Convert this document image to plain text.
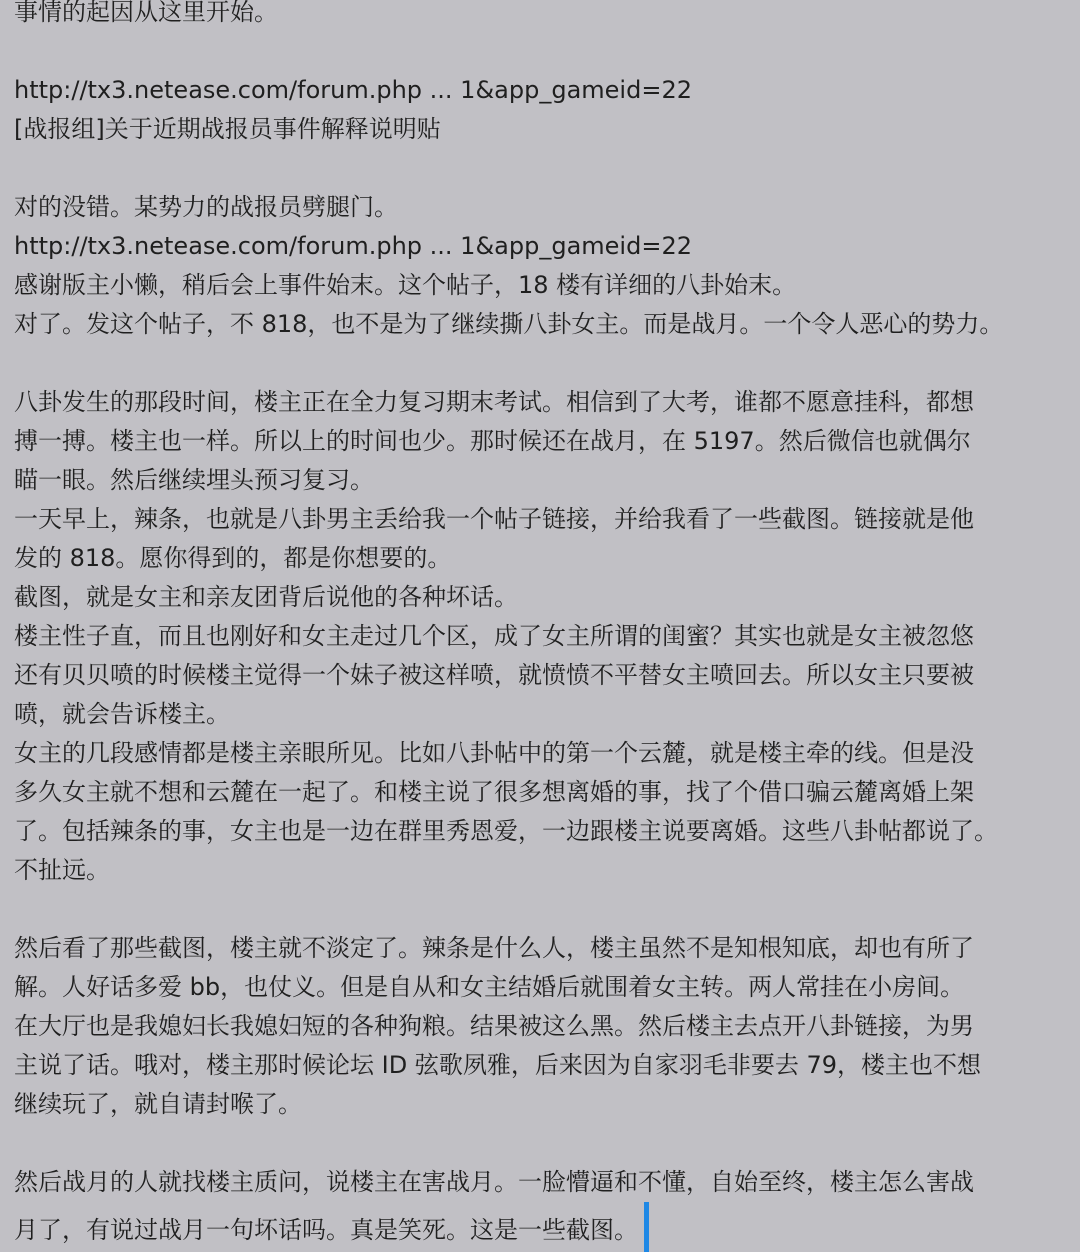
事情的起因从这里开始。
http://tx3.netease.com/forum.php ... 1&app_gameid=22
[战报组]关于近期战报员事件解释说明贴
对的没错。某势力的战报员劈腿门。
http://tx3.netease.com/forum.php ... 1&app_gameid=22
感谢版主小懒，稍后会上事件始末。这个帖子，18 楼有详细的八卦始末。
对了。发这个帖子，不 818，也不是为了继续撕八卦女主。而是战月。一个令人恶心的势力。
八卦发生的那段时间，楼主正在全力复习期末考试。相信到了大考，谁都不愿意挂科，都想
搏一搏。楼主也一样。所以上的时间也少。那时候还在战月，在 5197。然后微信也就偶尔
瞄一眼。然后继续埋头预习复习。
一天早上，辣条，也就是八卦男主丢给我一个帖子链接，并给我看了一些截图。链接就是他
发的 818。愿你得到的，都是你想要的。
截图，就是女主和亲友团背后说他的各种坏话。
楼主性子直，而且也刚好和女主走过几个区，成了女主所谓的闺蜜？其实也就是女主被忽悠
还有贝贝喷的时候楼主觉得一个妹子被这样喷，就愤愤不平替女主喷回去。所以女主只要被
喷，就会告诉楼主。
女主的几段感情都是楼主亲眼所见。比如八卦帖中的第一个云麓，就是楼主牵的线。但是没
多久女主就不想和云麓在一起了。和楼主说了很多想离婚的事，找了个借口骗云麓离婚上架
了。包括辣条的事，女主也是一边在群里秀恩爱，一边跟楼主说要离婚。这些八卦帖都说了。
不扯远。
然后看了那些截图，楼主就不淡定了。辣条是什么人，楼主虽然不是知根知底，却也有所了
解。人好话多爱 bb，也仗义。但是自从和女主结婚后就围着女主转。两人常挂在小房间。
在大厅也是我媳妇长我媳妇短的各种狗粮。结果被这么黑。然后楼主去点开八卦链接，为男
主说了话。哦对，楼主那时候论坛 ID 弦歌夙雅，后来因为自家羽毛非要去 79，楼主也不想
继续玩了，就自请封喉了。
然后战月的人就找楼主质问，说楼主在害战月。一脸懵逼和不懂，自始至终，楼主怎么害战
月了，有说过战月一句坏话吗。真是笑死。这是一些截图。
